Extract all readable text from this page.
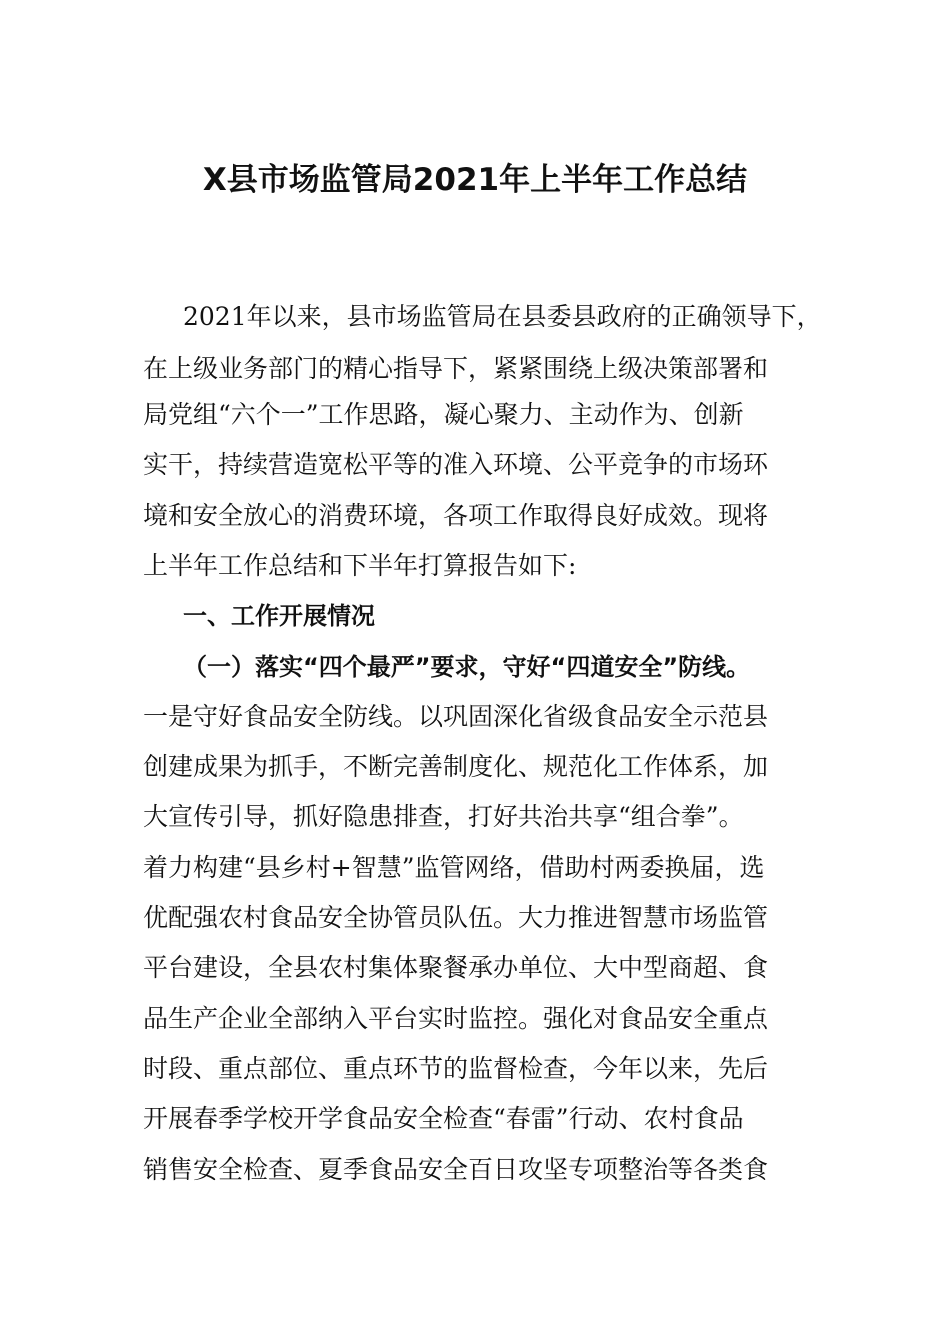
X县市场监管局2021年上半年工作总结
2021年以来，县市场监管局在县委县政府的正确领导下，
在上级业务部门的精心指导下，紧紧围绕上级决策部署和
局党组“六个一”工作思路，凝心聚力、主动作为、创新
实干，持续营造宽松平等的准入环境、公平竞争的市场环
境和安全放心的消费环境，各项工作取得良好成效。现将
上半年工作总结和下半年打算报告如下:
一、工作开展情况
（一）落实“四个最严”要求，守好“四道安全”防线。
一是守好食品安全防线。以巩固深化省级食品安全示范县
创建成果为抓手，不断完善制度化、规范化工作体系，加
大宣传引导，抓好隐患排查，打好共治共享“组合拳”。
着力构建“县乡村+智慧”监管网络，借助村两委换届，选
优配强农村食品安全协管员队伍。大力推进智慧市场监管
平台建设，全县农村集体聚餐承办单位、大中型商超、食
品生产企业全部纳入平台实时监控。强化对食品安全重点
时段、重点部位、重点环节的监督检查，今年以来，先后
开展春季学校开学食品安全检查“春雷”行动、农村食品
销售安全检查、夏季食品安全百日攻坚专项整治等各类食
